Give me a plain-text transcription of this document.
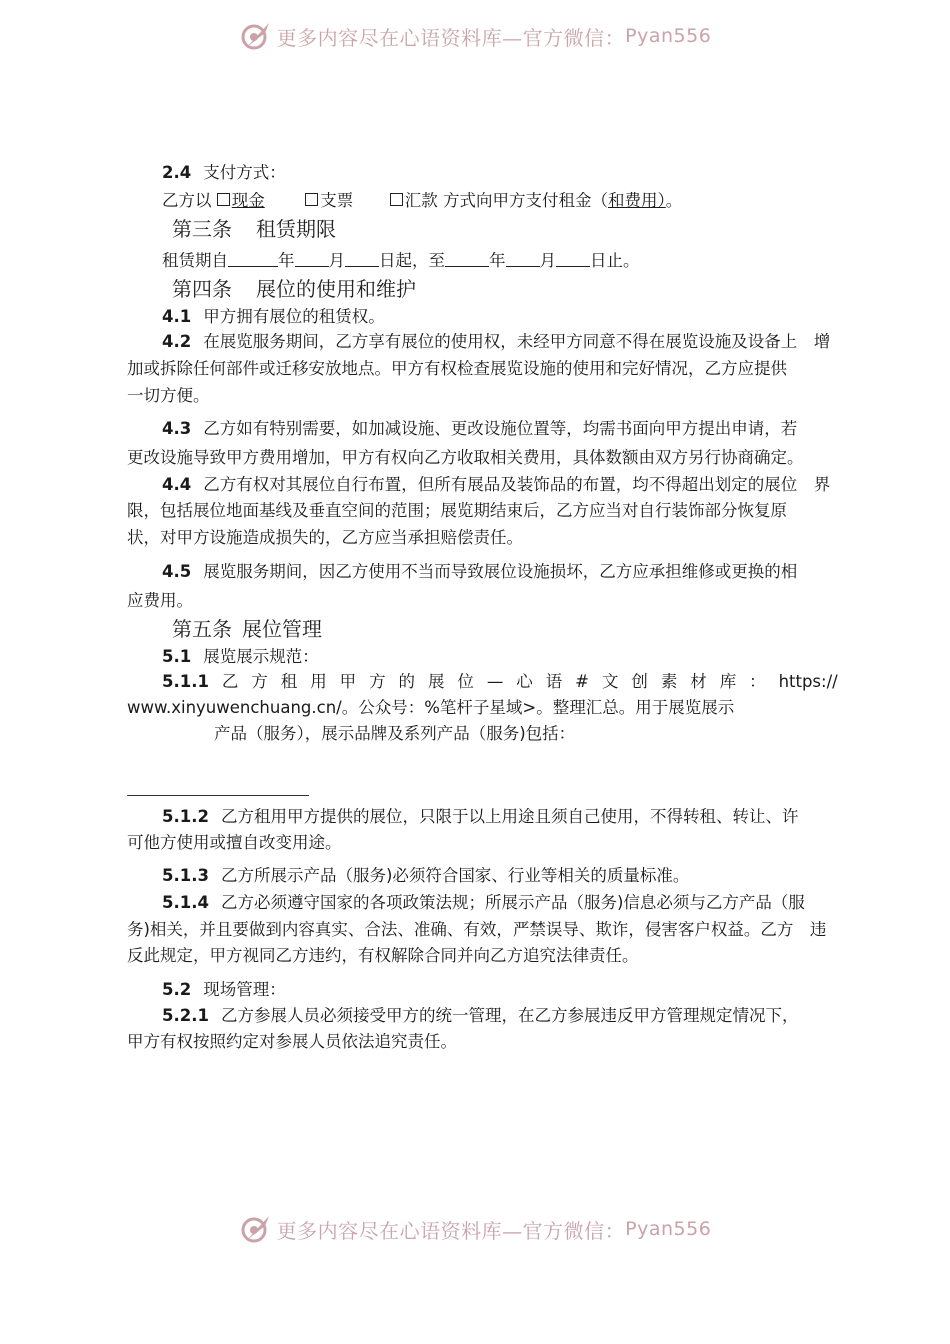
更多内容尽在心语资料库—官方微信： Pyan556
2.4 支付方式：
乙方以 现金	支票	汇款 方式向甲方支付租金（和费用）。
第三条 租赁期限
租赁期自	年 月 日起，至	年 月 日止。
第四条 展位的使用和维护
4.1 甲方拥有展位的租赁权。
4.2 在展览服务期间，乙方享有展位的使用权，未经甲方同意不得在展览设施及设备上　增
加或拆除任何部件或迁移安放地点。甲方有权检查展览设施的使用和完好情况，乙方应提供
一切方便。
4.3 乙方如有特别需要，如加减设施、更改设施位置等，均需书面向甲方提出申请，若
更改设施导致甲方费用增加，甲方有权向乙方收取相关费用，具体数额由双方另行协商确定。
4.4 乙方有权对其展位自行布置，但所有展品及装饰品的布置，均不得超出划定的展位　界
限，包括展位地面基线及垂直空间的范围；展览期结束后，乙方应当对自行装饰部分恢复原
状，对甲方设施造成损失的，乙方应当承担赔偿责任。
4.5 展览服务期间，因乙方使用不当而导致展位设施损坏，乙方应承担维修或更换的相
应费用。
第五条 展位管理
5.1 展览展示规范：
5.1.1 乙 方 租 用 甲 方 的 展 位 — 心 语 # 文 创 素 材 库 ： https://
www.xinyuwenchuang.cn/。公众号：%笔杆子星域>。整理汇总。用于展览展示
产品（服务），展示品牌及系列产品（服务)包括：
5.1.2 乙方租用甲方提供的展位，只限于以上用途且须自己使用，不得转租、转让、许
可他方使用或擅自改变用途。
5.1.3 乙方所展示产品（服务)必须符合国家、行业等相关的质量标准。
5.1.4 乙方必须遵守国家的各项政策法规；所展示产品（服务)信息必须与乙方产品（服
务)相关，并且要做到内容真实、合法、准确、有效，严禁误导、欺诈，侵害客户权益。乙方　违
反此规定，甲方视同乙方违约，有权解除合同并向乙方追究法律责任。
5.2 现场管理：
5.2.1 乙方参展人员必须接受甲方的统一管理，在乙方参展违反甲方管理规定情况下，
甲方有权按照约定对参展人员依法追究责任。
更多内容尽在心语资料库—官方微信： Pyan556
